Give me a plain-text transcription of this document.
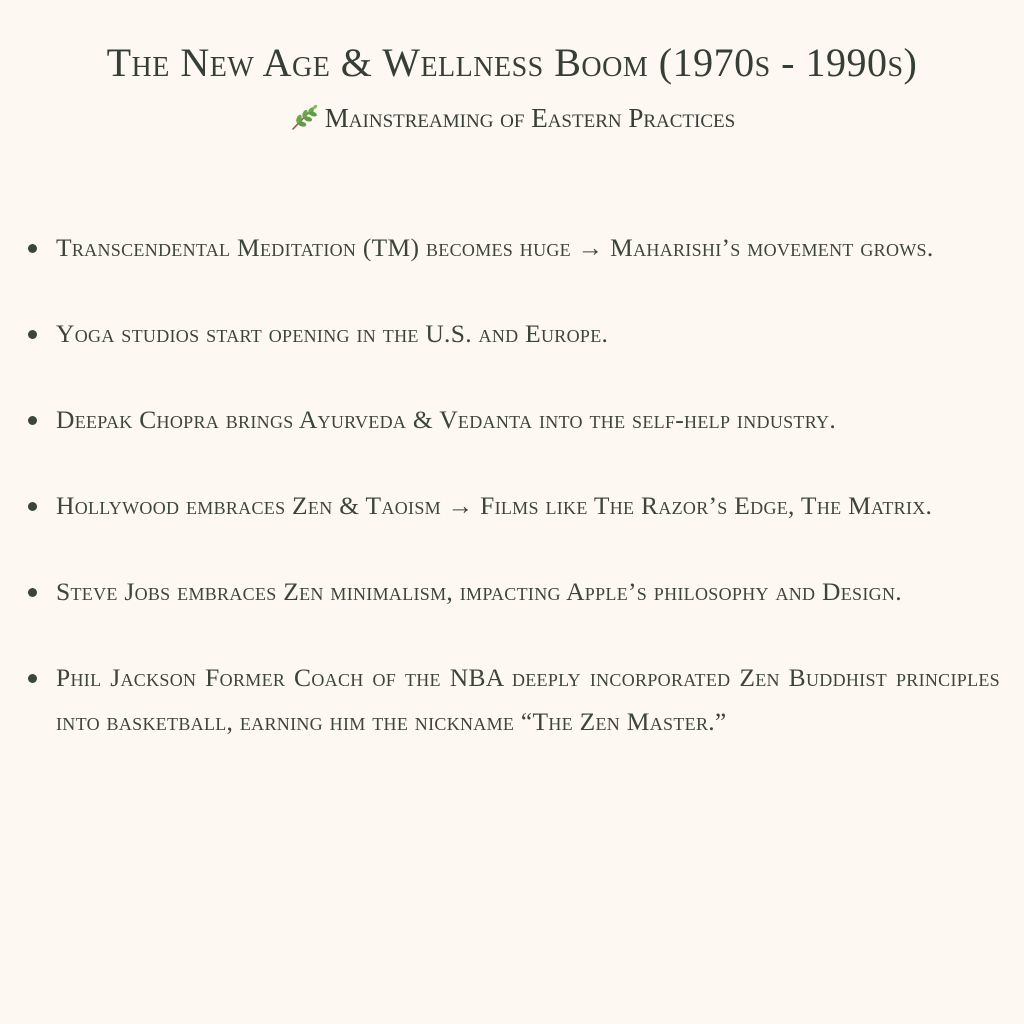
The New Age & Wellness Boom (1970s - 1990s)
Mainstreaming of Eastern Practices
Transcendental Meditation (TM) becomes huge → Maharishi’s movement grows.
Yoga studios start opening in the U.S. and Europe.
Deepak Chopra brings Ayurveda & Vedanta into the self-help industry.
Hollywood embraces Zen & Taoism → Films like The Razor’s Edge, The Matrix.
Steve Jobs embraces Zen minimalism, impacting Apple’s philosophy and Design.
Phil Jackson Former Coach of the NBA deeply incorporated Zen Buddhist principles into basketball, earning him the nickname “The Zen Master.”
